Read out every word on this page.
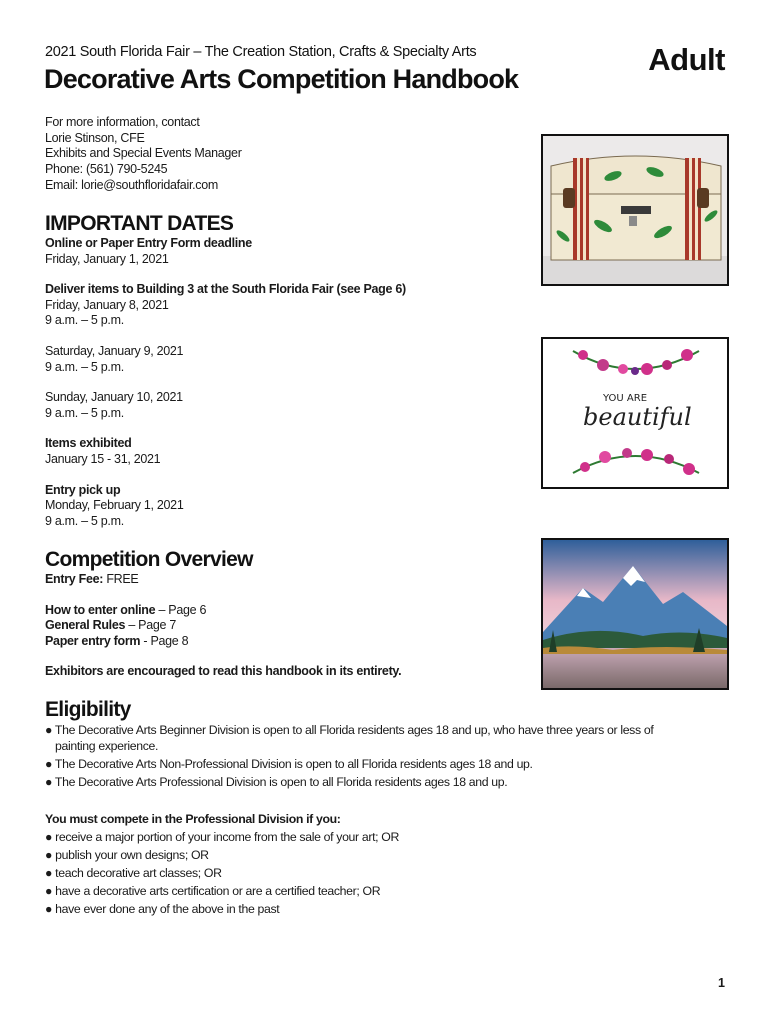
2021 South Florida Fair – The Creation Station, Crafts & Specialty Arts	Adult
Decorative Arts Competition Handbook
For more information, contact
Lorie Stinson, CFE
Exhibits and Special Events Manager
Phone: (561) 790-5245
Email: lorie@southfloridafair.com
IMPORTANT DATES
Online or Paper Entry Form deadline
Friday, January 1, 2021
Deliver items to Building 3 at the South Florida Fair (see Page 6)
Friday, January 8, 2021
9 a.m. – 5 p.m.
Saturday, January 9, 2021
9 a.m. – 5 p.m.
Sunday, January 10, 2021
9 a.m. – 5 p.m.
Items exhibited
January 15 - 31, 2021
Entry pick up
Monday, February 1, 2021
9 a.m. – 5 p.m.
Competition Overview
Entry Fee: FREE
How to enter online – Page 6
General Rules – Page 7
Paper entry form - Page 8
Exhibitors are encouraged to read this handbook in its entirety.
Eligibility
● The Decorative Arts Beginner Division is open to all Florida residents ages 18 and up, who have three years or less of painting experience.
● The Decorative Arts Non-Professional Division is open to all Florida residents ages 18 and up.
● The Decorative Arts Professional Division is open to all Florida residents ages 18 and up.
You must compete in the Professional Division if you:
● receive a major portion of your income from the sale of your art; OR
● publish your own designs; OR
● teach decorative art classes; OR
● have a decorative arts certification or are a certified teacher; OR
● have ever done any of the above in the past
YOU ARE
beautiful
1
